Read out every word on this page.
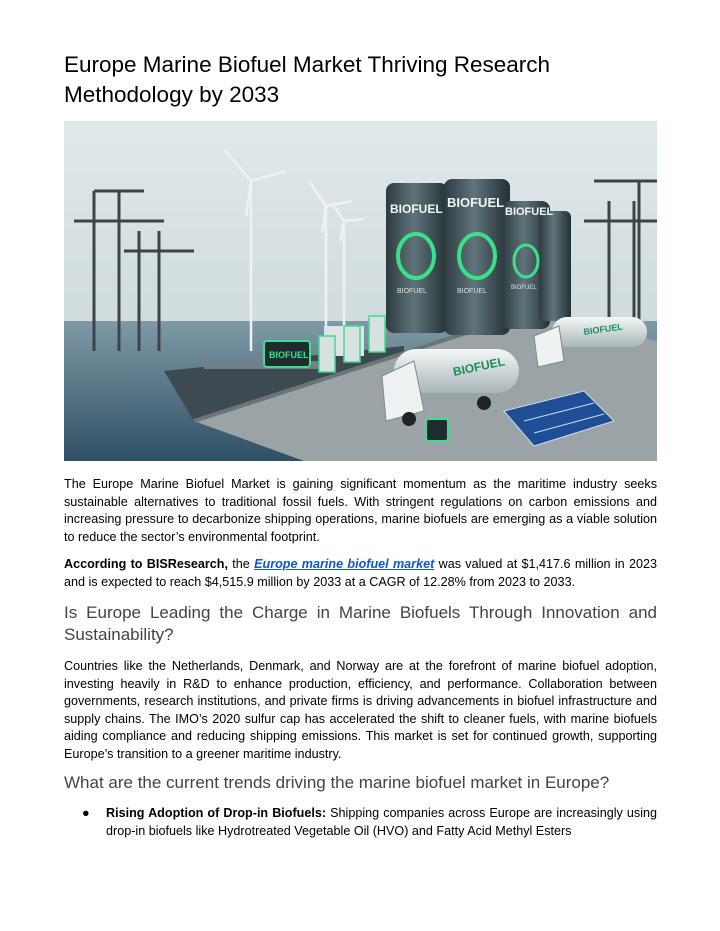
Europe Marine Biofuel Market Thriving Research Methodology by 2033
BIOFUEL BIOFUEL
BIOFUEL
BIOFUEL	BIOFUEL	BIOFUEL
BIOFUEL	BIOFUEL
BIOFUEL

The Europe Marine Biofuel Market is gaining significant momentum as the maritime industry seeks sustainable alternatives to traditional fossil fuels. With stringent regulations on carbon emissions and increasing pressure to decarbonize shipping operations, marine biofuels are emerging as a viable solution to reduce the sector’s environmental footprint.

According to BISResearch, the Europe marine biofuel market was valued at $1,417.6 million in 2023 and is expected to reach $4,515.9 million by 2033 at a CAGR of 12.28% from 2023 to 2033.

Is Europe Leading the Charge in Marine Biofuels Through Innovation and Sustainability?

Countries like the Netherlands, Denmark, and Norway are at the forefront of marine biofuel adoption, investing heavily in R&D to enhance production, efficiency, and performance. Collaboration between governments, research institutions, and private firms is driving advancements in biofuel infrastructure and supply chains. The IMO’s 2020 sulfur cap has accelerated the shift to cleaner fuels, with marine biofuels aiding compliance and reducing shipping emissions. This market is set for continued growth, supporting Europe’s transition to a greener maritime industry.

What are the current trends driving the marine biofuel market in Europe?
● Rising Adoption of Drop-in Biofuels: Shipping companies across Europe are increasingly using drop-in biofuels like Hydrotreated Vegetable Oil (HVO) and Fatty Acid Methyl Esters
